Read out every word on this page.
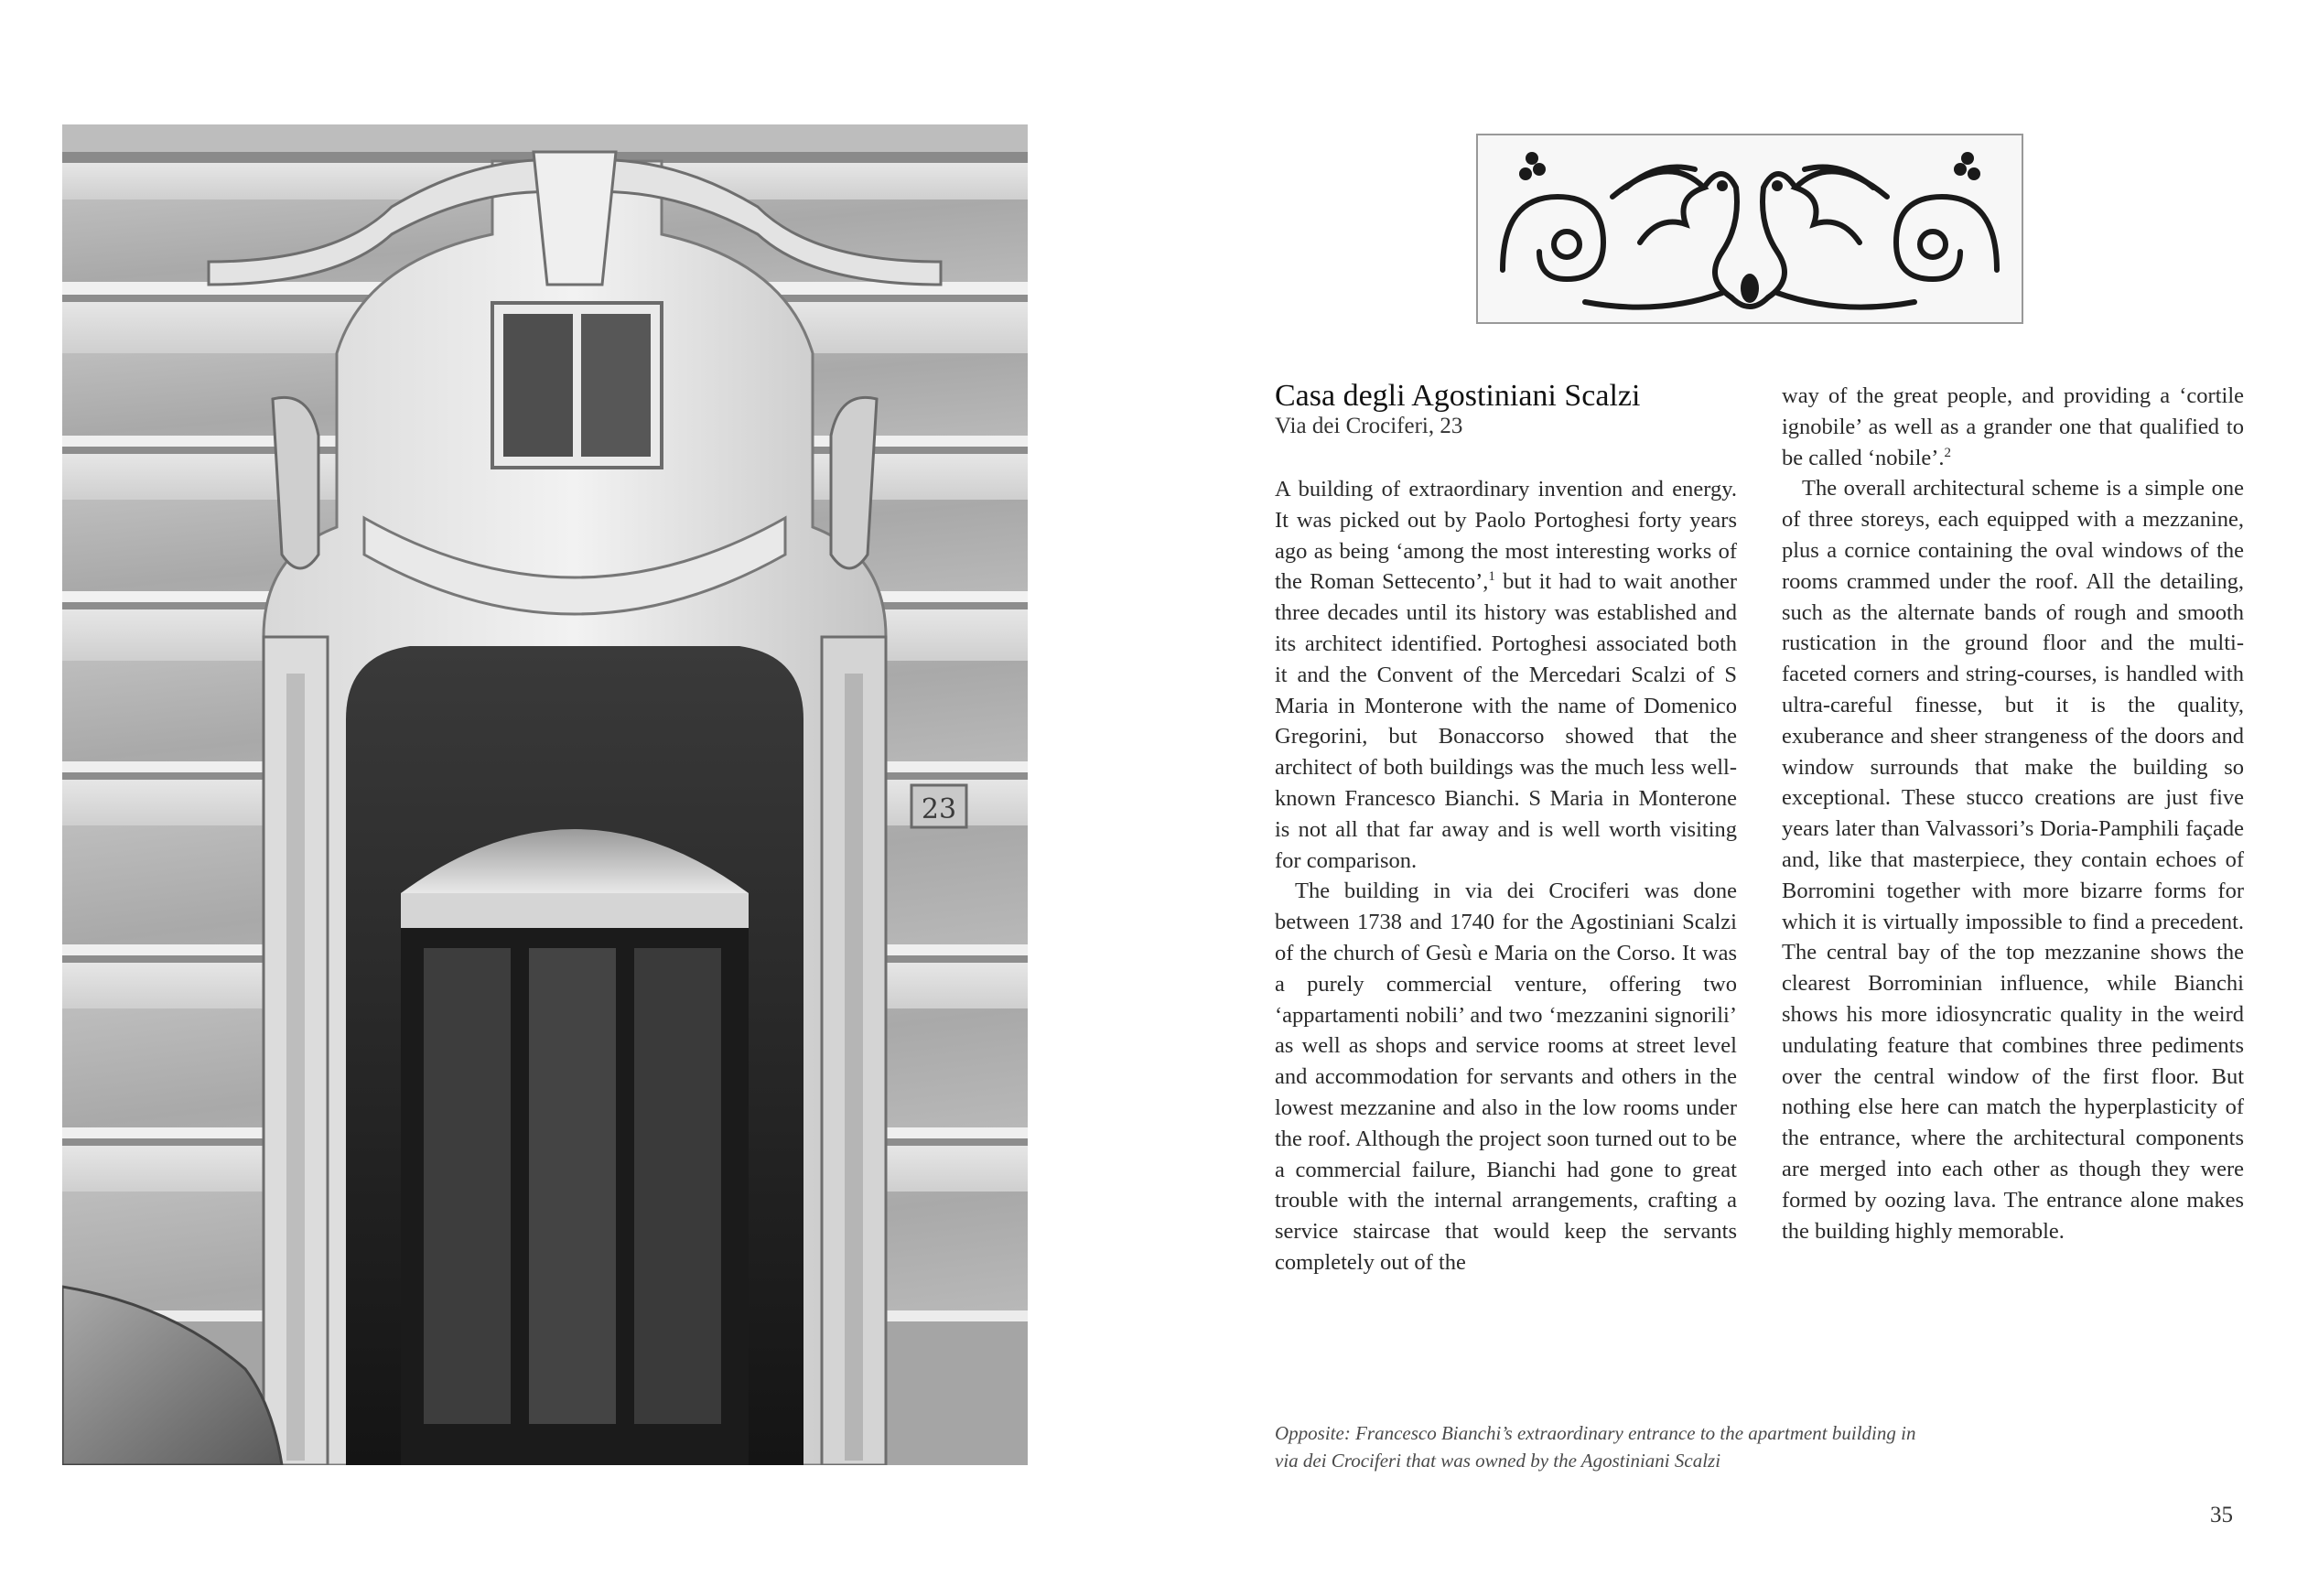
23
Casa degli Agostiniani Scalzi
Via dei Crociferi, 23

A building of extraordinary invention and energy. It was picked out by Paolo Portoghesi forty years ago as being ‘among the most interesting works of the Roman Settecento’,$^1$ but it had to wait another three decades until its history was established and its architect identified. Portoghesi associated both it and the Convent of the Mercedari Scalzi of S Maria in Monterone with the name of Domenico Gregorini, but Bonaccorso showed that the architect of both buildings was the much less well-known Francesco Bianchi. S Maria in Monterone is not all that far away and is well worth visiting for comparison.

The building in via dei Crociferi was done between 1738 and 1740 for the Agostiniani Scalzi of the church of Gesù e Maria on the Corso. It was a purely commercial venture, offering two ‘appartamenti nobili’ and two ‘mezzanini signorili’ as well as shops and service rooms at street level and accommodation for servants and others in the lowest mezzanine and also in the low rooms under the roof. Although the project soon turned out to be a commercial failure, Bianchi had gone to great trouble with the internal arrangements, crafting a service staircase that would keep the servants completely out of the

way of the great people, and providing a ‘cortile ignobile’ as well as a grander one that qualified to be called ‘nobile’.$^2$

The overall architectural scheme is a simple one of three storeys, each equipped with a mezzanine, plus a cornice containing the oval windows of the rooms crammed under the roof. All the detailing, such as the alternate bands of rough and smooth rustication in the ground floor and the multi-faceted corners and string-courses, is handled with ultra-careful finesse, but it is the quality, exuberance and sheer strangeness of the doors and window surrounds that make the building so exceptional. These stucco creations are just five years later than Valvassori’s Doria-Pamphili façade and, like that masterpiece, they contain echoes of Borromini together with more bizarre forms for which it is virtually impossible to find a precedent. The central bay of the top mezzanine shows the clearest Borrominian influence, while Bianchi shows his more idiosyncratic quality in the weird undulating feature that combines three pediments over the central window of the first floor. But nothing else here can match the hyperplasticity of the entrance, where the architectural components are merged into each other as though they were formed by oozing lava. The entrance alone makes the building highly memorable.

Opposite: Francesco Bianchi’s extraordinary entrance to the apartment building in
via dei Crociferi that was owned by the Agostiniani Scalzi
35
